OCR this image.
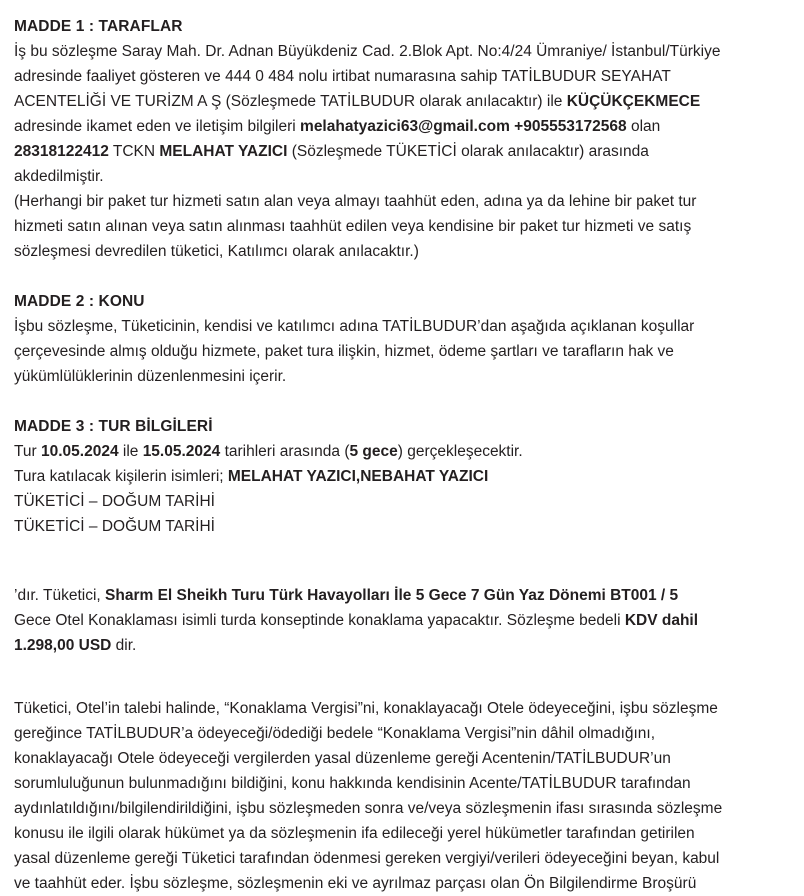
MADDE 1 : TARAFLAR
İş bu sözleşme Saray Mah. Dr. Adnan Büyükdeniz Cad. 2.Blok Apt. No:4/24 Ümraniye/ İstanbul/Türkiye
adresinde faaliyet gösteren ve 444 0 484 nolu irtibat numarasına sahip TATİLBUDUR SEYAHAT
ACENTELİĞİ VE TURİZM A Ş (Sözleşmede TATİLBUDUR olarak anılacaktır) ile KÜÇÜKÇEKMECE
adresinde ikamet eden ve iletişim bilgileri melahatyazici63@gmail.com +905553172568 olan
28318122412 TCKN MELAHAT YAZICI (Sözleşmede TÜKETİCİ olarak anılacaktır) arasında
akdedilmiştir.
(Herhangi bir paket tur hizmeti satın alan veya almayı taahhüt eden, adına ya da lehine bir paket tur
hizmeti satın alınan veya satın alınması taahhüt edilen veya kendisine bir paket tur hizmeti ve satış
sözleşmesi devredilen tüketici, Katılımcı olarak anılacaktır.)
MADDE 2 : KONU
İşbu sözleşme, Tüketicinin, kendisi ve katılımcı adına TATİLBUDUR’dan aşağıda açıklanan koşullar
çerçevesinde almış olduğu hizmete, paket tura ilişkin, hizmet, ödeme şartları ve tarafların hak ve
yükümlülüklerinin düzenlenmesini içerir.
MADDE 3 : TUR BİLGİLERİ
Tur 10.05.2024 ile 15.05.2024 tarihleri arasında (5 gece) gerçekleşecektir.
Tura katılacak kişilerin isimleri; MELAHAT YAZICI,NEBAHAT YAZICI
TÜKETİCİ – DOĞUM TARİHİ
TÜKETİCİ – DOĞUM TARİHİ
’dır. Tüketici, Sharm El Sheikh Turu Türk Havayolları İle 5 Gece 7 Gün Yaz Dönemi BT001 / 5
Gece Otel Konaklaması isimli turda konseptinde konaklama yapacaktır. Sözleşme bedeli KDV dahil
1.298,00 USD dir.
Tüketici, Otel’in talebi halinde, “Konaklama Vergisi”ni, konaklayacağı Otele ödeyeceğini, işbu sözleşme
gereğince TATİLBUDUR’a ödeyeceği/ödediği bedele “Konaklama Vergisi”nin dâhil olmadığını,
konaklayacağı Otele ödeyeceği vergilerden yasal düzenleme gereği Acentenin/TATİLBUDUR’un
sorumluluğunun bulunmadığını bildiğini, konu hakkında kendisinin Acente/TATİLBUDUR tarafından
aydınlatıldığını/bilgilendirildiğini, işbu sözleşmeden sonra ve/veya sözleşmenin ifası sırasında sözleşme
konusu ile ilgili olarak hükümet ya da sözleşmenin ifa edileceği yerel hükümetler tarafından getirilen
yasal düzenleme gereği Tüketici tarafından ödenmesi gereken vergiyi/verileri ödeyeceğini beyan, kabul
ve taahhüt eder. İşbu sözleşme, sözleşmenin eki ve ayrılmaz parçası olan Ön Bilgilendirme Broşürü
